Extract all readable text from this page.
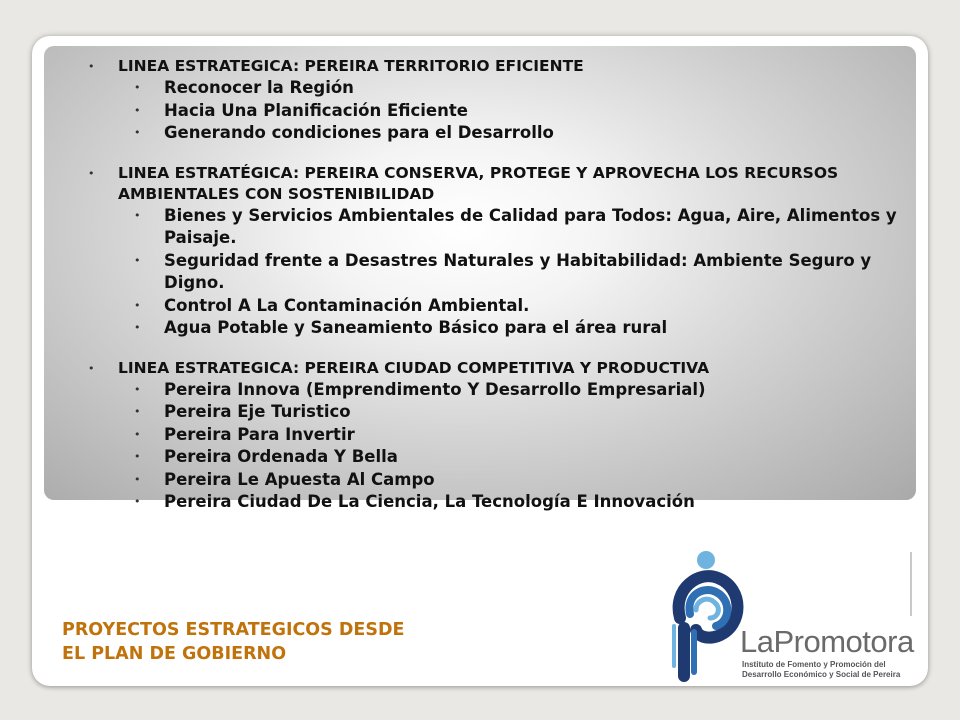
• LINEA ESTRATEGICA: PEREIRA TERRITORIO EFICIENTE
• Reconocer la Región
• Hacia Una Planificación Eficiente
• Generando condiciones para el Desarrollo
• LINEA ESTRATÉGICA: PEREIRA CONSERVA, PROTEGE Y APROVECHA LOS RECURSOS AMBIENTALES CON SOSTENIBILIDAD
• Bienes y Servicios Ambientales de Calidad para Todos: Agua, Aire, Alimentos y Paisaje.
• Seguridad frente a Desastres Naturales y Habitabilidad: Ambiente Seguro y Digno.
• Control A La Contaminación Ambiental.
• Agua Potable y Saneamiento Básico para el área rural
• LINEA ESTRATEGICA: PEREIRA CIUDAD COMPETITIVA Y PRODUCTIVA
• Pereira Innova (Emprendimento Y Desarrollo Empresarial)
• Pereira Eje Turistico
• Pereira Para Invertir
• Pereira Ordenada Y Bella
• Pereira Le Apuesta Al Campo
• Pereira Ciudad De La Ciencia, La Tecnología E Innovación
PROYECTOS ESTRATEGICOS DESDE
EL PLAN DE GOBIERNO	LaPromotora
Instituto de Fomento y Promoción del
Desarrollo Económico y Social de Pereira
